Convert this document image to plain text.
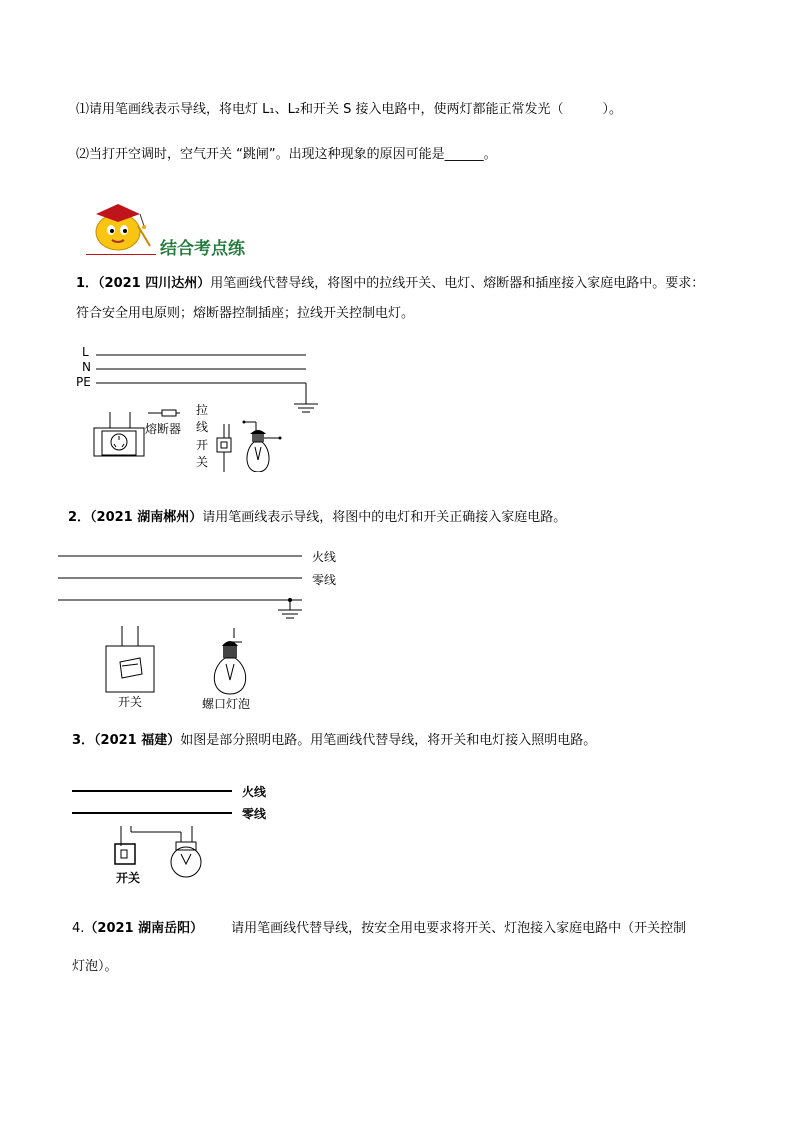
⑴请用笔画线表示导线，将电灯 L₁、L₂和开关 S 接入电路中，使两灯都能正常发光（　　　）。
⑵当打开空调时，空气开关 “跳闸”。出现这种现象的原因可能是______。
结合考点练
1．（2021 四川达州）用笔画线代替导线，将图中的拉线开关、电灯、熔断器和插座接入家庭电路中。要求：
符合安全用电原则；熔断器控制插座；拉线开关控制电灯。
L
N
PE
熔断器
拉
线
开
关
2．（2021 湖南郴州）请用笔画线表示导线，将图中的电灯和开关正确接入家庭电路。
火线
零线
开关	螺口灯泡
3．（2021 福建）如图是部分照明电路。用笔画线代替导线，将开关和电灯接入照明电路。
火线
零线
开关
4.（2021 湖南岳阳） 请用笔画线代替导线，按安全用电要求将开关、灯泡接入家庭电路中（开关控制
灯泡）。
